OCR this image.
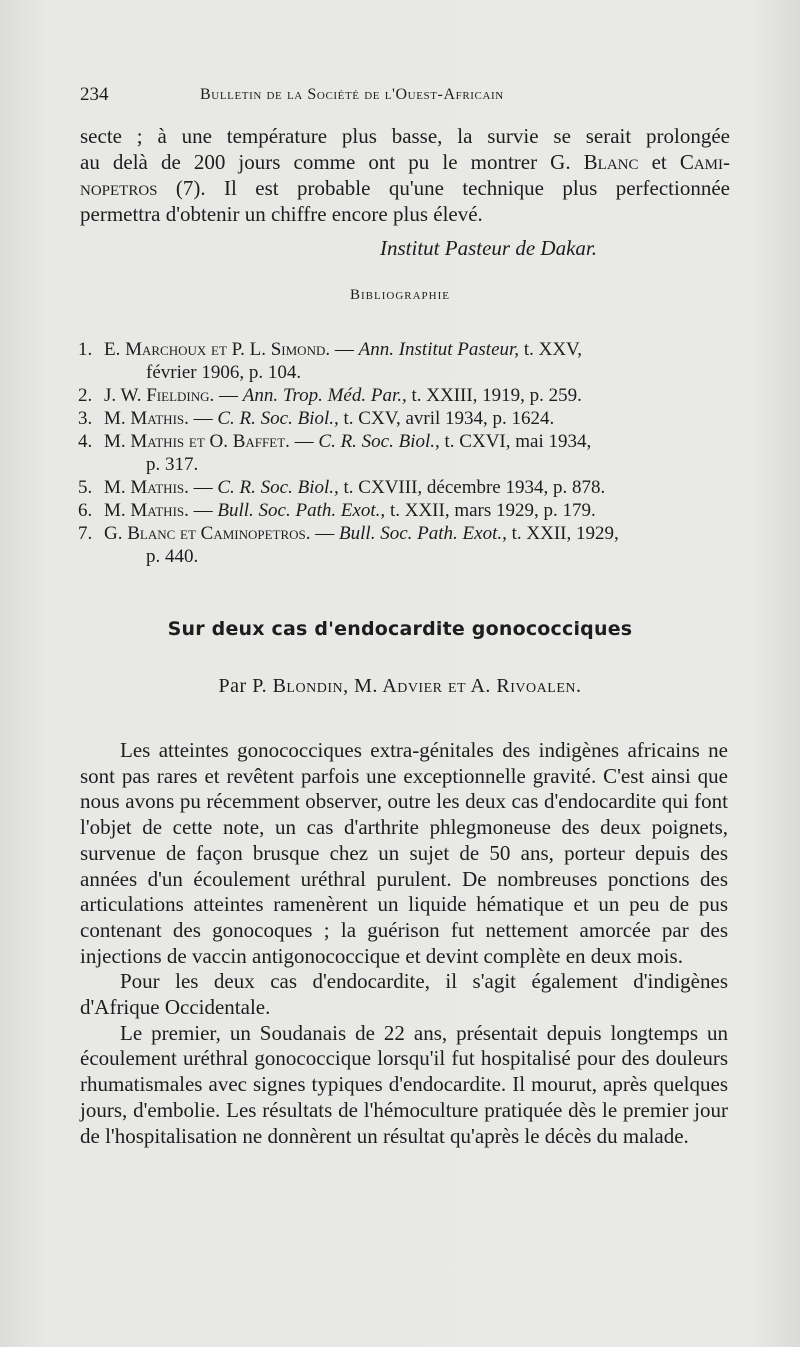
234	Bulletin de la Société de l'Ouest-Africain

secte ; à une température plus basse, la survie se serait prolongée

au delà de 200 jours comme ont pu le montrer G. Blanc et Cami-

nopetros (7). Il est probable qu'une technique plus perfectionnée

permettra d'obtenir un chiffre encore plus élevé.

Institut Pasteur de Dakar.
Bibliographie
1. E. Marchoux et P. L. Simond. — Ann. Institut Pasteur, t. XXV,
février 1906, p. 104.
2. J. W. Fielding. — Ann. Trop. Méd. Par., t. XXIII, 1919, p. 259.
3. M. Mathis. — C. R. Soc. Biol., t. CXV, avril 1934, p. 1624.
4. M. Mathis et O. Baffet. — C. R. Soc. Biol., t. CXVI, mai 1934,
p. 317.
5. M. Mathis. — C. R. Soc. Biol., t. CXVIII, décembre 1934, p. 878.
6. M. Mathis. — Bull. Soc. Path. Exot., t. XXII, mars 1929, p. 179.
7. G. Blanc et Caminopetros. — Bull. Soc. Path. Exot., t. XXII, 1929,
p. 440.
Sur deux cas d'endocardite gonococciques
Par P. Blondin, M. Advier et A. Rivoalen.

Les atteintes gonococciques extra-génitales des indigènes africains ne sont pas rares et revêtent parfois une exceptionnelle gravité. C'est ainsi que nous avons pu récemment observer, outre les deux cas d'endocardite qui font l'objet de cette note, un cas d'arthrite phlegmoneuse des deux poignets, survenue de façon brusque chez un sujet de 50 ans, porteur depuis des années d'un écoulement uréthral purulent. De nombreuses ponctions des articulations atteintes ramenèrent un liquide hématique et un peu de pus contenant des gonocoques ; la guérison fut nettement amorcée par des injections de vaccin antigonococcique et devint complète en deux mois.

Pour les deux cas d'endocardite, il s'agit également d'indigènes d'Afrique Occidentale.

Le premier, un Soudanais de 22 ans, présentait depuis longtemps un écoulement uréthral gonococcique lorsqu'il fut hospitalisé pour des douleurs rhumatismales avec signes typiques d'endocardite. Il mourut, après quelques jours, d'embolie. Les résultats de l'hémoculture pratiquée dès le premier jour de l'hospitalisation ne donnèrent un résultat qu'après le décès du malade.
